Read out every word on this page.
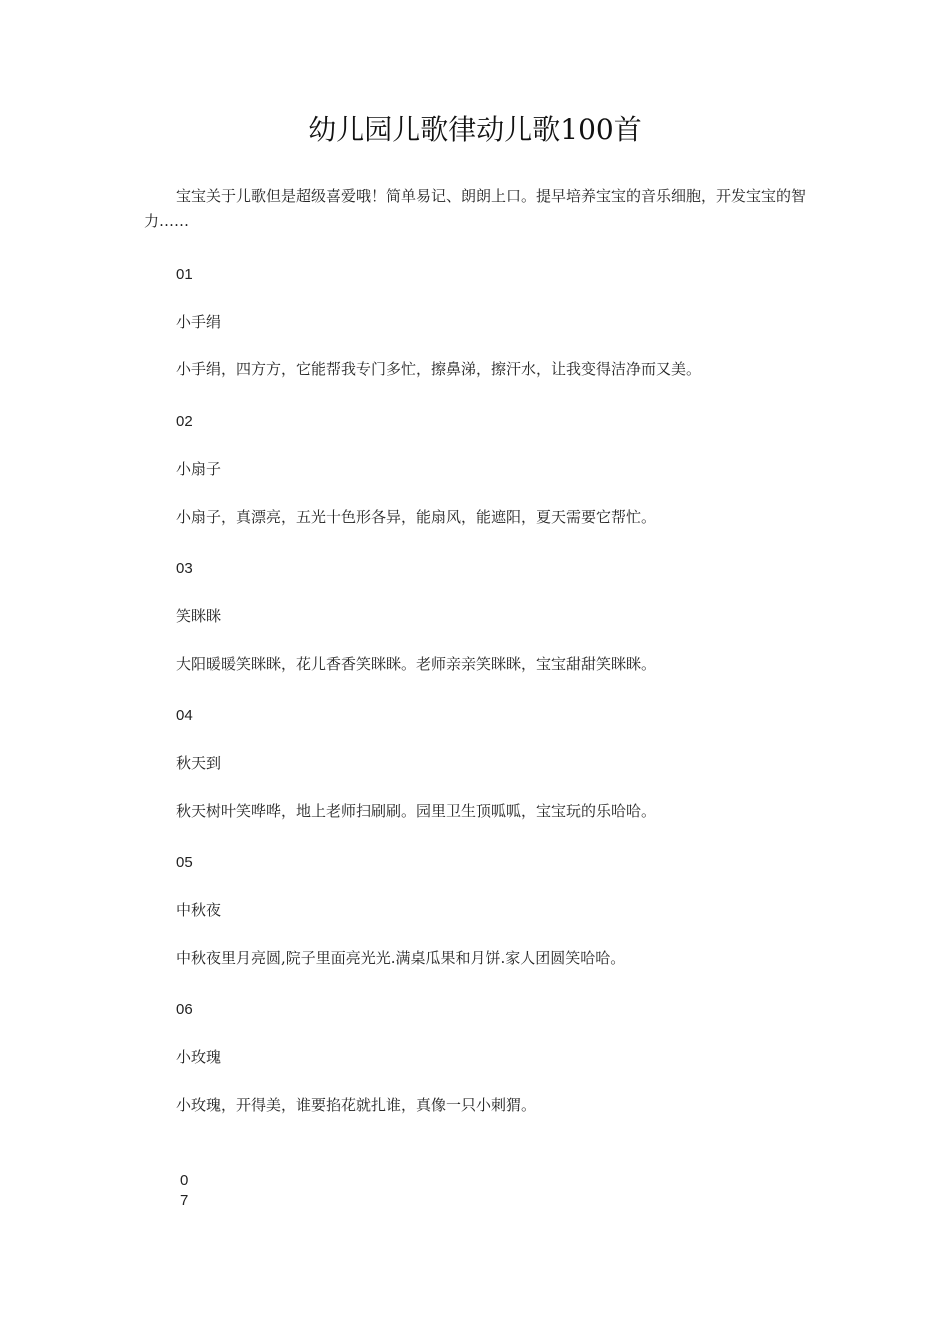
幼儿园儿歌律动儿歌100首

宝宝关于儿歌但是超级喜爱哦！简单易记、朗朗上口。提早培养宝宝的音乐细胞，开发宝宝的智力……

01

小手绢

小手绢，四方方，它能帮我专门多忙，擦鼻涕，擦汗水，让我变得洁净而又美。

02

小扇子

小扇子，真漂亮，五光十色形各异，能扇风，能遮阳，夏天需要它帮忙。

03

笑眯眯

大阳暖暖笑眯眯，花儿香香笑眯眯。老师亲亲笑眯眯，宝宝甜甜笑眯眯。

04

秋天到

秋天树叶笑哗哗，地上老师扫刷刷。园里卫生顶呱呱，宝宝玩的乐哈哈。

05

中秋夜

中秋夜里月亮圆,院子里面亮光光.满桌瓜果和月饼.家人团圆笑哈哈。

06

小玫瑰

小玫瑰，开得美，谁要掐花就扎谁，真像一只小刺猬。

0

7
